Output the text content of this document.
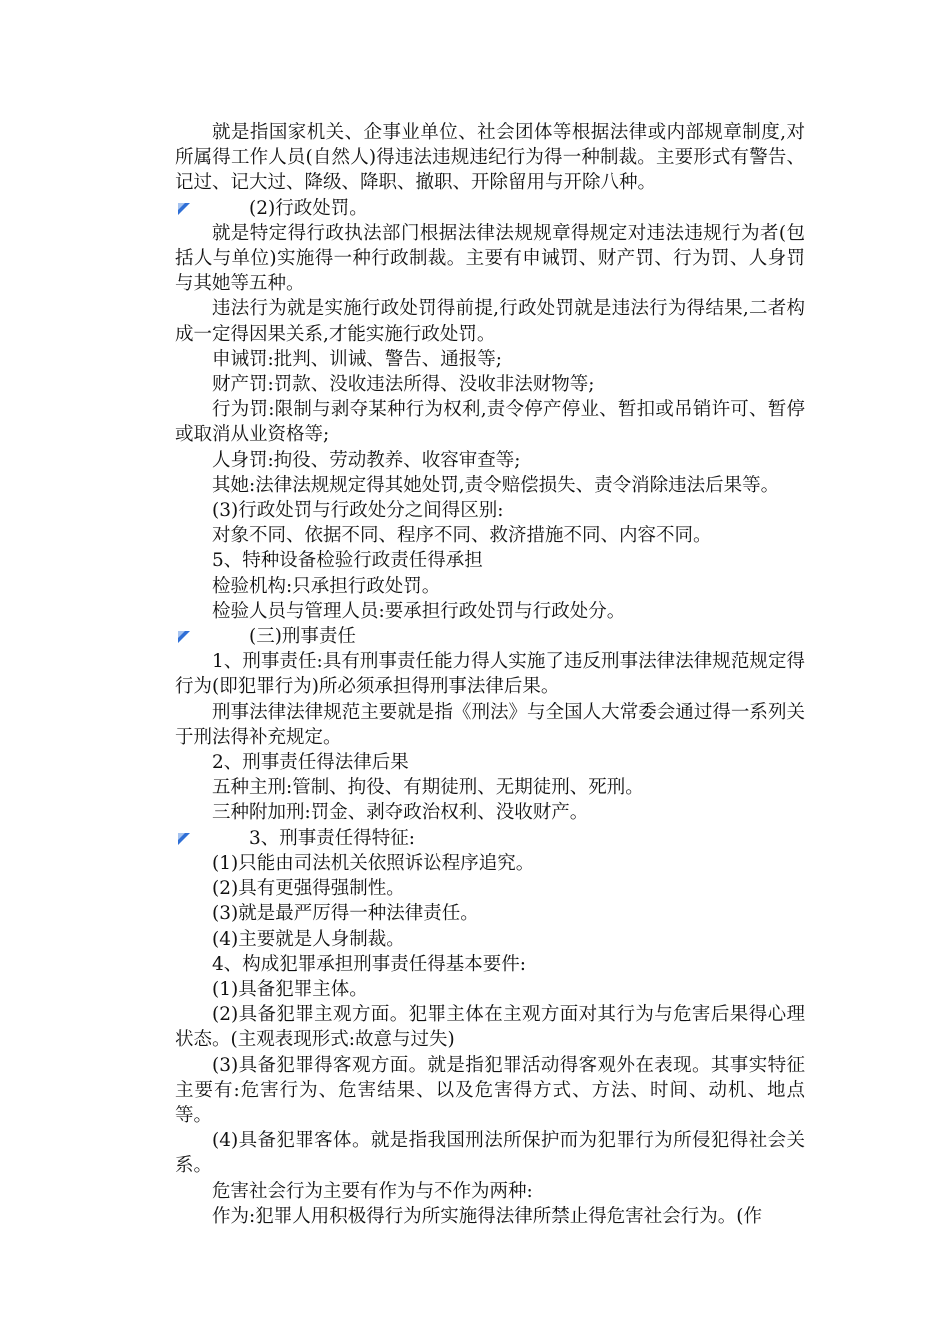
就是指国家机关、企事业单位、社会团体等根据法律或内部规章制度,对所属得工作人员(自然人)得违法违规违纪行为得一种制裁。主要形式有警告、记过、记大过、降级、降职、撤职、开除留用与开除八种。
(2)行政处罚。
就是特定得行政执法部门根据法律法规规章得规定对违法违规行为者(包括人与单位)实施得一种行政制裁。主要有申诫罚、财产罚、行为罚、人身罚与其她等五种。
违法行为就是实施行政处罚得前提,行政处罚就是违法行为得结果,二者构成一定得因果关系,才能实施行政处罚。
申诫罚:批判、训诫、警告、通报等;
财产罚:罚款、没收违法所得、没收非法财物等;
行为罚:限制与剥夺某种行为权利,责令停产停业、暂扣或吊销许可、暂停或取消从业资格等;
人身罚:拘役、劳动教养、收容审查等;
其她:法律法规规定得其她处罚,责令赔偿损失、责令消除违法后果等。
(3)行政处罚与行政处分之间得区别:
对象不同、依据不同、程序不同、救济措施不同、内容不同。
5、特种设备检验行政责任得承担
检验机构:只承担行政处罚。
检验人员与管理人员:要承担行政处罚与行政处分。
(三)刑事责任
1、刑事责任:具有刑事责任能力得人实施了违反刑事法律法律规范规定得行为(即犯罪行为)所必须承担得刑事法律后果。
刑事法律法律规范主要就是指《刑法》与全国人大常委会通过得一系列关于刑法得补充规定。
2、刑事责任得法律后果
五种主刑:管制、拘役、有期徒刑、无期徒刑、死刑。
三种附加刑:罚金、剥夺政治权利、没收财产。
3、刑事责任得特征:
(1)只能由司法机关依照诉讼程序追究。
(2)具有更强得强制性。
(3)就是最严厉得一种法律责任。
(4)主要就是人身制裁。
4、构成犯罪承担刑事责任得基本要件:
(1)具备犯罪主体。
(2)具备犯罪主观方面。犯罪主体在主观方面对其行为与危害后果得心理状态。(主观表现形式:故意与过失)
(3)具备犯罪得客观方面。就是指犯罪活动得客观外在表现。其事实特征主要有:危害行为、危害结果、以及危害得方式、方法、时间、动机、地点等。
(4)具备犯罪客体。就是指我国刑法所保护而为犯罪行为所侵犯得社会关系。
危害社会行为主要有作为与不作为两种:
作为:犯罪人用积极得行为所实施得法律所禁止得危害社会行为。(作
